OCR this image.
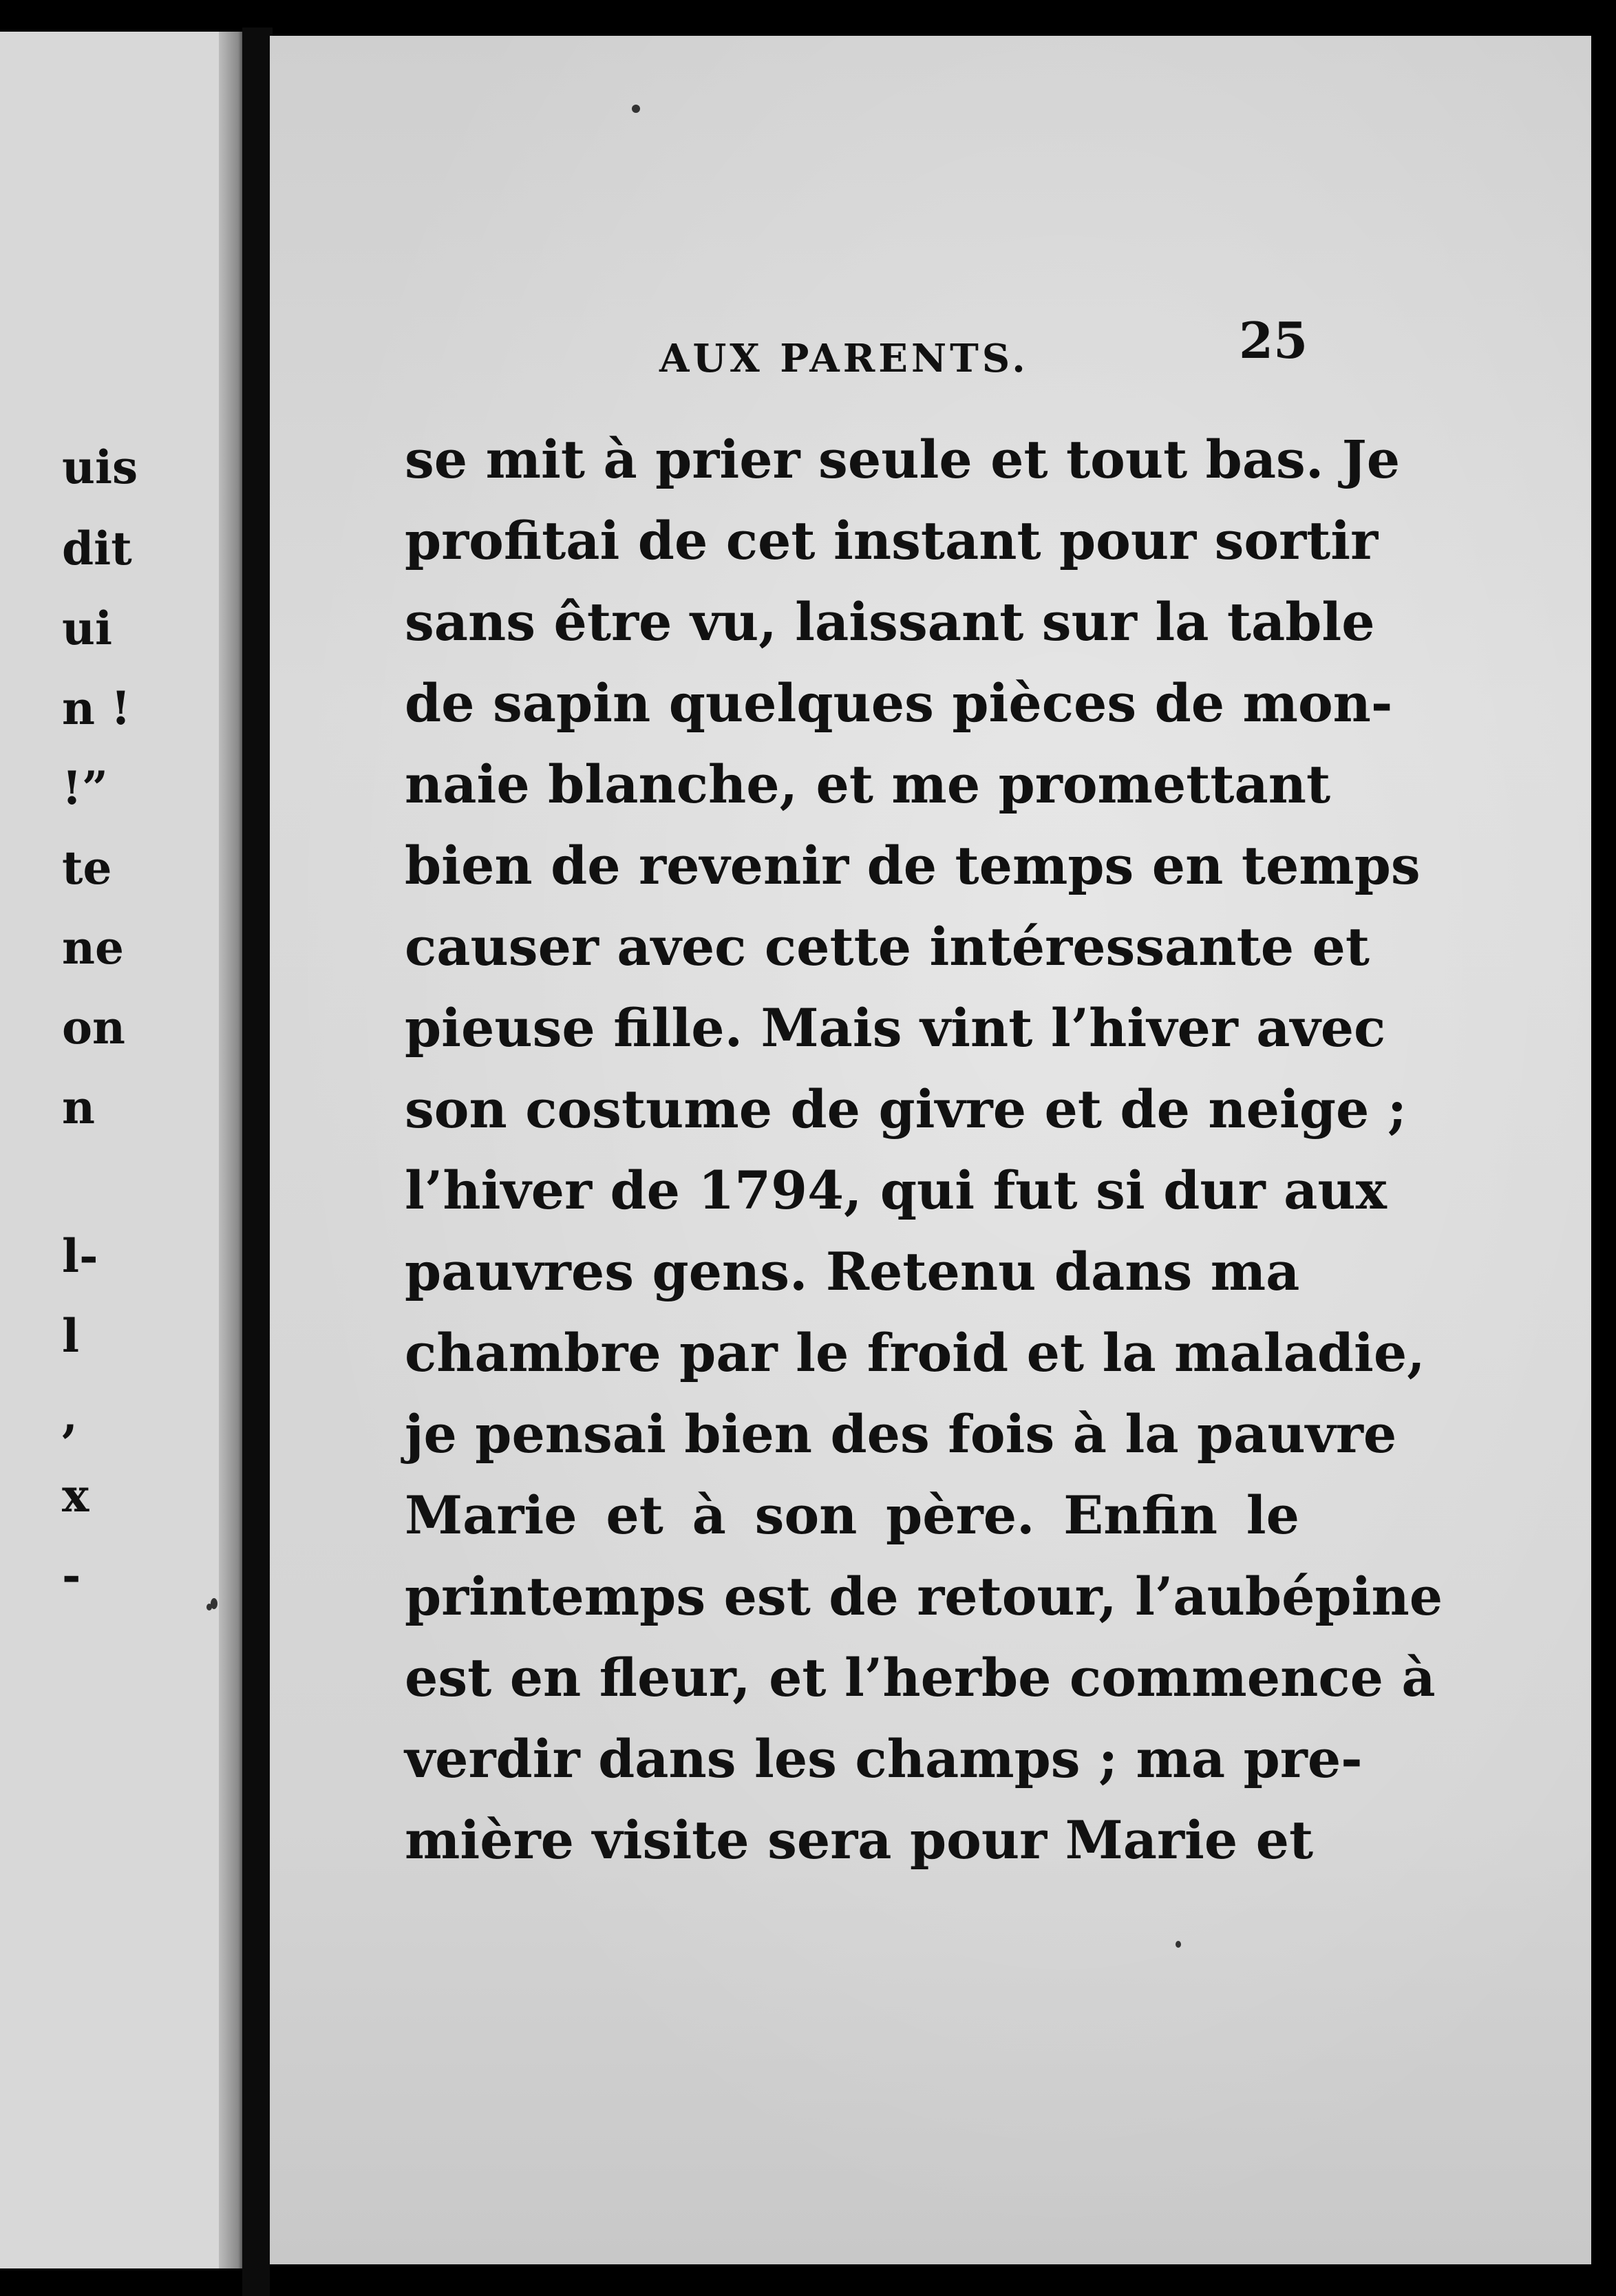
uis
dit
ui
n !
!”
te
ne
on
n
l-
l
,
x
-
AUX PARENTS.	25
se mit à prier seule et tout bas. Je
profitai de cet instant pour sortir
sans être vu, laissant sur la table
de sapin quelques pièces de mon-
naie blanche, et me promettant
bien de revenir de temps en temps
causer avec cette intéressante et
pieuse fille. Mais vint l’hiver avec
son costume de givre et de neige ;
l’hiver de 1794, qui fut si dur aux
pauvres gens. Retenu dans ma
chambre par le froid et la maladie,
je pensai bien des fois à la pauvre
Marie et à son père. Enfin le
printemps est de retour, l’aubépine
est en fleur, et l’herbe commence à
verdir dans les champs ; ma pre-
mière visite sera pour Marie et
